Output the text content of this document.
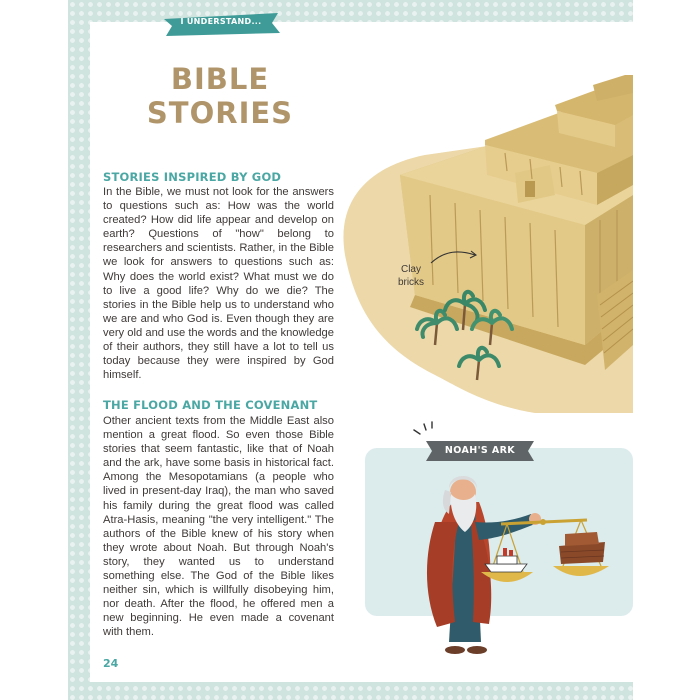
I UNDERSTAND...
BIBLE
STORIES
STORIES INSPIRED BY GOD
In the Bible, we must not look for the answers to questions such as: How was the world created? How did life appear and develop on earth? Questions of "how" belong to researchers and scientists. Rather, in the Bible we look for answers to questions such as: Why does the world exist? What must we do to live a good life? Why do we die? The stories in the Bible help us to understand who we are and who God is. Even though they are very old and use the words and the knowledge of their authors, they still have a lot to tell us today because they were inspired by God himself.
THE FLOOD AND THE COVENANT
Other ancient texts from the Middle East also mention a great flood. So even those Bible stories that seem fantastic, like that of Noah and the ark, have some basis in historical fact. Among the Mesopotamians (a people who lived in present-day Iraq), the man who saved his family during the great flood was called Atra-Hasis, meaning "the very intelligent." The authors of the Bible knew of his story when they wrote about Noah. But through Noah's story, they wanted us to understand something else. The God of the Bible likes neither sin, which is willfully disobeying him, nor death. After the flood, he offered men a new beginning. He even made a covenant with them.
24
Clay bricks
NOAH'S ARK
